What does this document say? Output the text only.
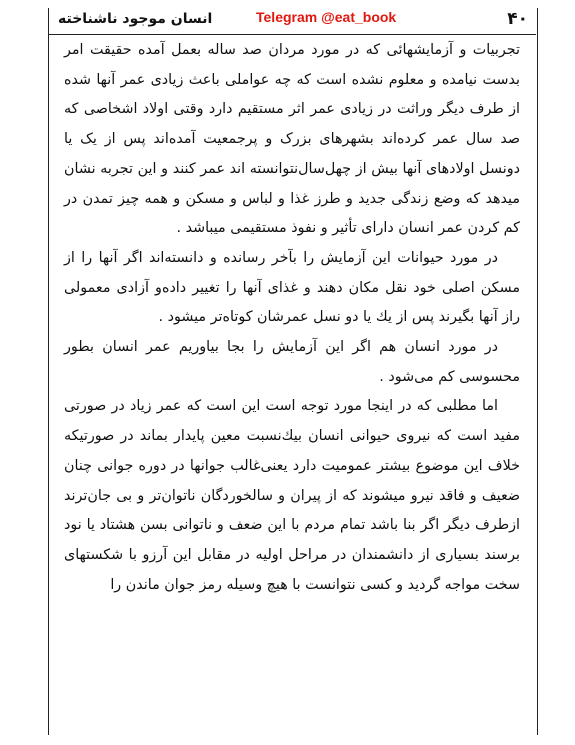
۴۰
Telegram @eat_book
انسان موجود ناشناخته

تجربیات و آزمایشهائی که در مورد مردان صد ساله بعمل آمده حقیقت امر بدست نیامده و معلوم نشده است که چه عواملی باعث زیادی عمر آنها شده از طرف دیگر وراثت در زیادی عمر اثر مستقیم دارد وقتی اولاد اشخاصی که صد سال عمر کرده‌اند بشهرهای بزرک و پرجمعیت آمده‌اند پس از یک یا دونسل اولادهای آنها بیش از چهل‌سال‌نتوانسته اند عمر کنند و این تجربه نشان میدهد که وضع زندگی جدید و طرز غذا و لباس و مسکن و همه چیز تمدن در کم کردن عمر انسان دارای تأثیر و نفوذ مستقیمی میباشد .

در مورد حیوانات این آزمایش را بآخر رسانده و دانسته‌اند اگر آنها را از مسکن اصلی خود نقل مکان دهند و غذای آنها را تغییر داده‌و آزادی معمولی راز آنها بگیرند پس از یك یا دو نسل عمرشان کوتاه‌تر میشود .

در مورد انسان هم اگر این آزمایش را بجا بیاوریم عمر انسان بطور محسوسی کم می‌شود .

اما مطلبی که در اینجا مورد توجه است این است که عمر زیاد در صورتی مفید است که نیروی حیوانی انسان بیك‌نسبت معین پایدار بماند در صورتیکه خلاف این موضوع بیشتر عمومیت دارد یعنی‌غالب جوانها در دوره جوانی چنان ضعیف و فاقد نیرو میشوند که از پیران و سالخوردگان ناتوان‌تر و بی جان‌ترند ازطرف دیگر اگر بنا باشد تمام مردم با این ضعف و ناتوانی بسن هشتاد یا نود برسند بسیاری از دانشمندان در مراحل اولیه در مقابل این آرزو با شکستهای سخت مواجه گردید و کسی نتوانست با هیچ وسیله رمز جوان ماندن را
